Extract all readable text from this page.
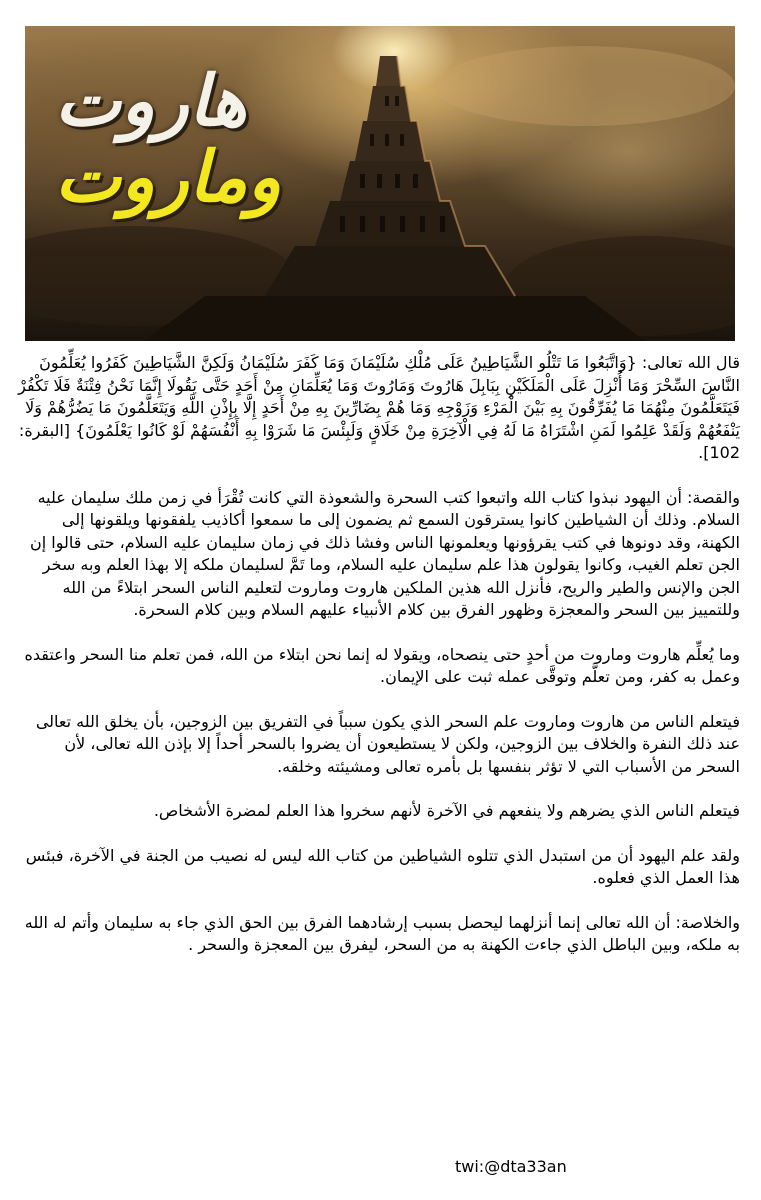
هاروت
وماروت

قال الله تعالى: {وَاتَّبَعُوا مَا تَتْلُو الشَّيَاطِينُ عَلَى مُلْكِ سُلَيْمَانَ وَمَا كَفَرَ سُلَيْمَانُ وَلَكِنَّ الشَّيَاطِينَ كَفَرُوا يُعَلِّمُونَ النَّاسَ السِّحْرَ وَمَا أُنْزِلَ عَلَى الْمَلَكَيْنِ بِبَابِلَ هَارُوتَ وَمَارُوتَ وَمَا يُعَلِّمَانِ مِنْ أَحَدٍ حَتَّى يَقُولَا إِنَّمَا نَحْنُ فِتْنَةٌ فَلَا تَكْفُرْ فَيَتَعَلَّمُونَ مِنْهُمَا مَا يُفَرِّقُونَ بِهِ بَيْنَ الْمَرْءِ وَزَوْجِهِ وَمَا هُمْ بِضَارِّينَ بِهِ مِنْ أَحَدٍ إِلَّا بِإِذْنِ اللَّهِ وَيَتَعَلَّمُونَ مَا يَضُرُّهُمْ وَلَا يَنْفَعُهُمْ وَلَقَدْ عَلِمُوا لَمَنِ اشْتَرَاهُ مَا لَهُ فِي الْآخِرَةِ مِنْ خَلَاقٍ وَلَبِئْسَ مَا شَرَوْا بِهِ أَنْفُسَهُمْ لَوْ كَانُوا يَعْلَمُونَ} [البقرة: 102].

والقصة: أن اليهود نبذوا كتاب الله واتبعوا كتب السحرة والشعوذة التي كانت تُقْرَأ في زمن ملك سليمان عليه السلام. وذلك أن الشياطين كانوا يسترقون السمع ثم يضمون إلى ما سمعوا أكاذيب يلفقونها ويلقونها إلى الكهنة، وقد دونوها في كتب يقرؤونها ويعلمونها الناس وفشا ذلك في زمان سليمان عليه السلام، حتى قالوا إن الجن تعلم الغيب، وكانوا يقولون هذا علم سليمان عليه السلام، وما تَمَّ لسليمان ملكه إلا بهذا العلم وبه سخر الجن والإنس والطير والريح، فأنزل الله هذين الملكين هاروت وماروت لتعليم الناس السحر ابتلاءً من الله وللتمييز بين السحر والمعجزة وظهور الفرق بين كلام الأنبياء عليهم السلام وبين كلام السحرة.

وما يُعلِّم هاروت وماروت من أحدٍ حتى ينصحاه، ويقولا له إنما نحن ابتلاء من الله، فمن تعلم منا السحر واعتقده وعمل به كفر، ومن تعلَّم وتوقَّى عمله ثبت على الإيمان.

فيتعلم الناس من هاروت وماروت علم السحر الذي يكون سبباً في التفريق بين الزوجين، بأن يخلق الله تعالى عند ذلك النفرة والخلاف بين الزوجين، ولكن لا يستطيعون أن يضروا بالسحر أحداً إلا بإذن الله تعالى، لأن السحر من الأسباب التي لا تؤثر بنفسها بل بأمره تعالى ومشيئته وخلقه.

فيتعلم الناس الذي يضرهم ولا ينفعهم في الآخرة لأنهم سخروا هذا العلم لمضرة الأشخاص.

ولقد علم اليهود أن من استبدل الذي تتلوه الشياطين من كتاب الله ليس له نصيب من الجنة في الآخرة، فبئس هذا العمل الذي فعلوه.

والخلاصة: أن الله تعالى إنما أنزلهما ليحصل بسبب إرشادهما الفرق بين الحق الذي جاء به سليمان وأتم له الله به ملكه، وبين الباطل الذي جاءت الكهنة به من السحر، ليفرق بين المعجزة والسحر .

twi:@dta33an
